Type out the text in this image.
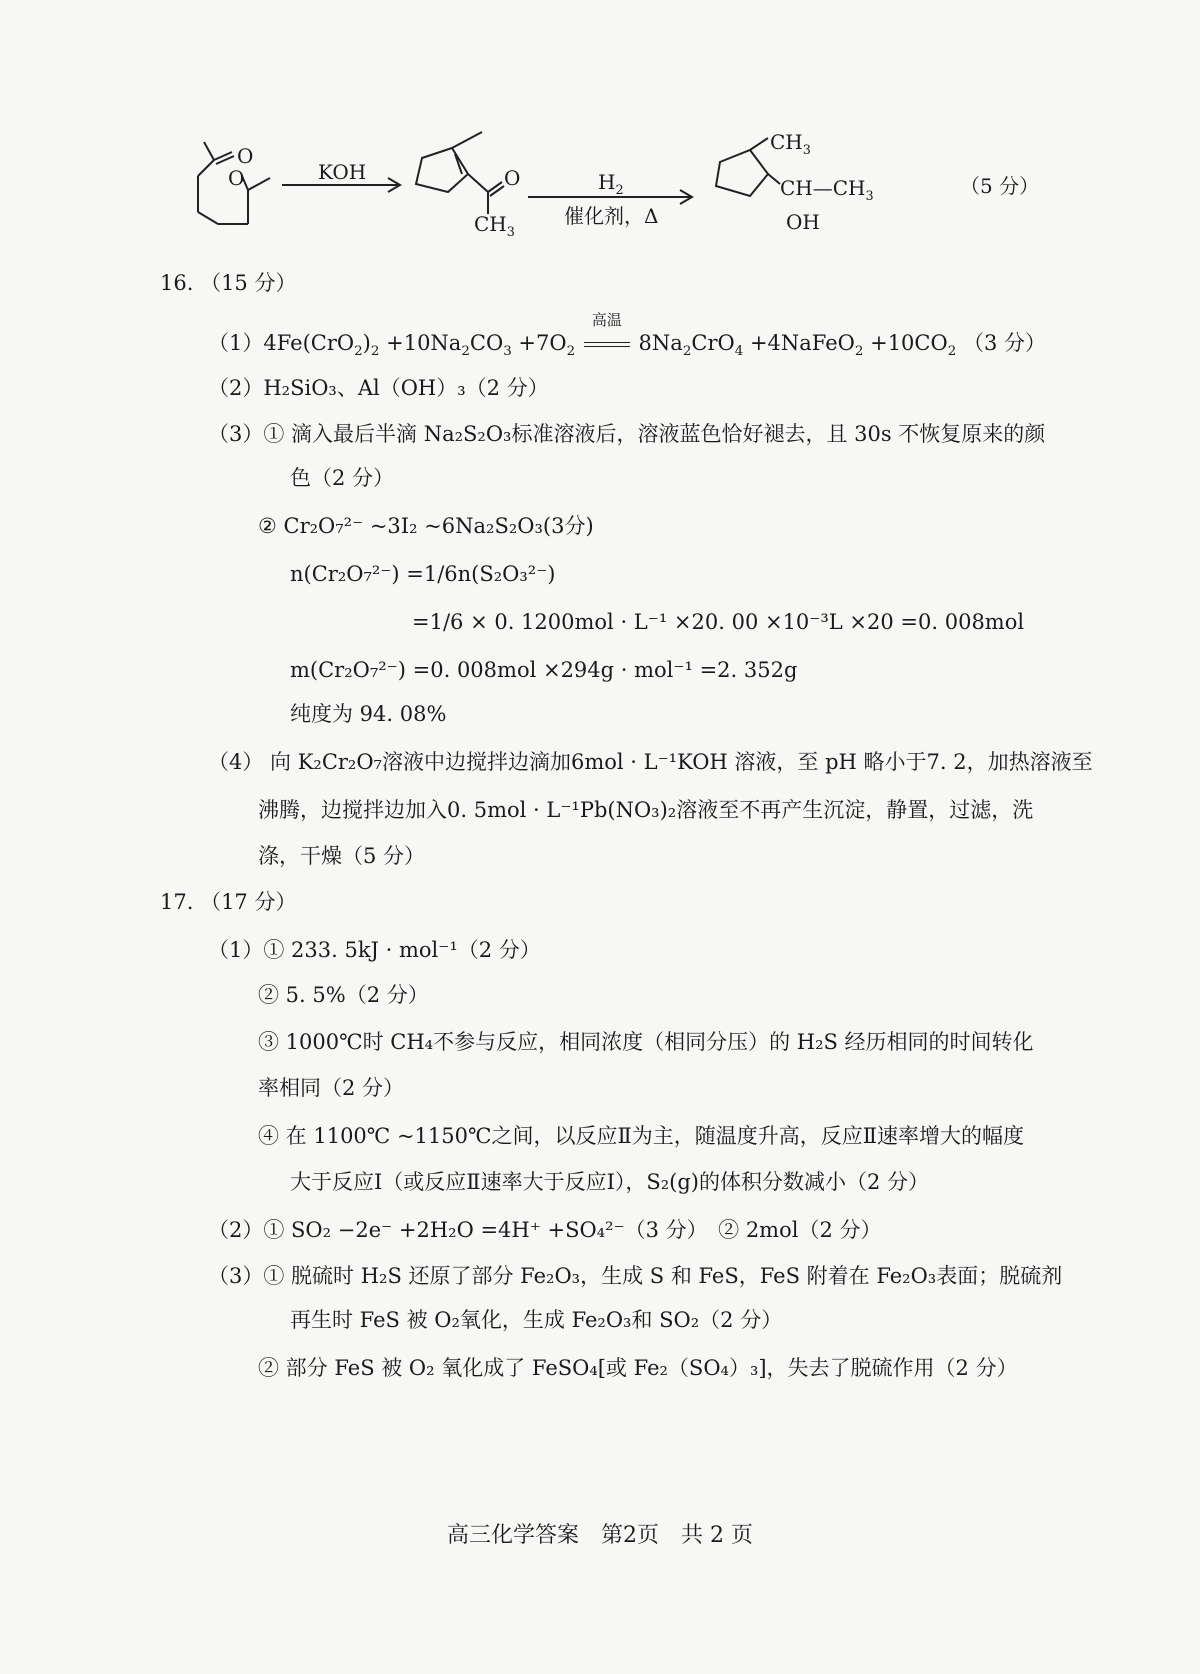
O
O	KOH	O
$CH_3$
$H_2$
催化剂，Δ
$CH_3$
$CH—CH_3$
OH
（5 分）
16. （15 分）
$(1)4Fe(CrO_2)_2 +10Na_2CO_3 +7O_2$
高温
$8Na_2CrO_4$ +4NaFeO$_2$ $+10CO_2$ （3 分）
（2）H₂SiO₃、Al（OH）₃（2 分）
（3）① 滴入最后半滴 Na₂S₂O₃标准溶液后，溶液蓝色恰好褪去，且 30s 不恢复原来的颜
色（2 分）
② Cr₂O₇²⁻ ~3I₂ ~6Na₂S₂O₃(3分)
n(Cr₂O₇²⁻) =1/6n(S₂O₃²⁻)
=1/6 × 0. 1200mol · L⁻¹ ×20. 00 ×10⁻³L ×20 =0. 008mol
m(Cr₂O₇²⁻) =0. 008mol ×294g · mol⁻¹ =2. 352g
纯度为 94. 08%
（4） 向 K₂Cr₂O₇溶液中边搅拌边滴加6mol · L⁻¹KOH 溶液，至 pH 略小于7. 2，加热溶液至
沸腾，边搅拌边加入0. 5mol · L⁻¹Pb(NO₃)₂溶液至不再产生沉淀，静置，过滤，洗
涤，干燥（5 分）
17. （17 分）
（1）① 233. 5kJ · mol⁻¹（2 分）
② 5. 5%（2 分）
③ 1000℃时 CH₄不参与反应，相同浓度（相同分压）的 H₂S 经历相同的时间转化
率相同（2 分）
④ 在 1100℃ ~1150℃之间，以反应Ⅱ为主，随温度升高，反应Ⅱ速率增大的幅度
大于反应Ⅰ（或反应Ⅱ速率大于反应Ⅰ），S₂(g)的体积分数减小（2 分）
（2）① SO₂ −2e⁻ +2H₂O =4H⁺ +SO₄²⁻（3 分）　② 2mol（2 分）
（3）① 脱硫时 H₂S 还原了部分 Fe₂O₃，生成 S 和 FeS，FeS 附着在 Fe₂O₃表面；脱硫剂
再生时 FeS 被 O₂氧化，生成 Fe₂O₃和 SO₂（2 分）
② 部分 FeS 被 O₂ 氧化成了 FeSO₄[或 Fe₂（SO₄）₃]，失去了脱硫作用（2 分）
高三化学答案　第2页　共 2 页
